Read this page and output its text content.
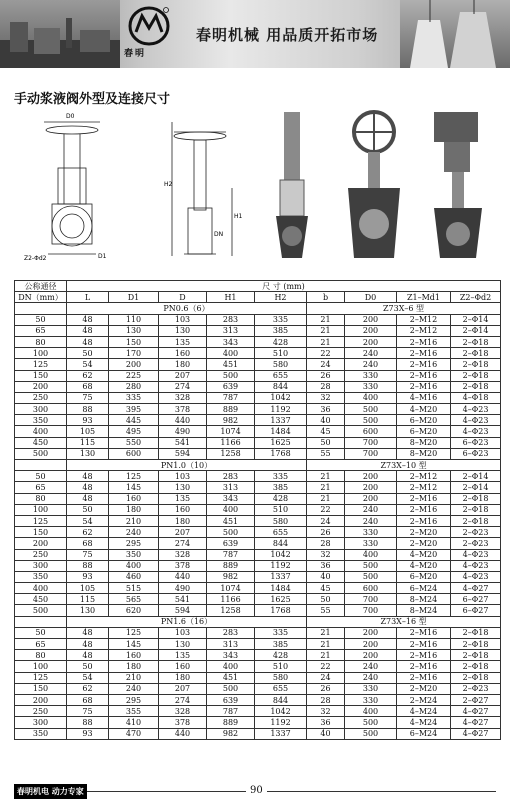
春明
春明机械 用品质开拓市场
手动浆液阀外型及连接尺寸
D0
Z2-Φd2	D1
H2
H1
DN
公称通径	尺 寸 (mm)								
DN（mm）	L	D1	D	H1	H2	b	D0	Z1–Md1	Z2–Φd2
	PN0.6（6）					Z73X–6 型			
50	48	110	103	283	335	21	200	2–M12	2–Φ14
65	48	130	130	313	385	21	200	2–M12	2–Φ14
80	48	150	135	343	428	21	200	2–M16	2–Φ18
100	50	170	160	400	510	22	240	2–M16	2–Φ18
125	54	200	180	451	580	24	240	2–M16	2–Φ18
150	62	225	207	500	655	26	330	2–M16	2–Φ18
200	68	280	274	639	844	28	330	2–M16	2–Φ18
250	75	335	328	787	1042	32	400	4–M16	4–Φ18
300	88	395	378	889	1192	36	500	4–M20	4–Φ23
350	93	445	440	982	1337	40	500	6–M20	4–Φ23
400	105	495	490	1074	1484	45	600	6–M20	4–Φ23
450	115	550	541	1166	1625	50	700	8–M20	6–Φ23
500	130	600	594	1258	1768	55	700	8–M20	6–Φ23
	PN1.0（10）					Z73X–10 型			
50	48	125	103	283	335	21	200	2–M12	2–Φ14
65	48	145	130	313	385	21	200	2–M12	2–Φ14
80	48	160	135	343	428	21	200	2–M16	2–Φ18
100	50	180	160	400	510	22	240	2–M16	2–Φ18
125	54	210	180	451	580	24	240	2–M16	2–Φ18
150	62	240	207	500	655	26	330	2–M20	2–Φ23
200	68	295	274	639	844	28	330	2–M20	2–Φ23
250	75	350	328	787	1042	32	400	4–M20	4–Φ23
300	88	400	378	889	1192	36	500	4–M20	4–Φ23
350	93	460	440	982	1337	40	500	6–M20	4–Φ23
400	105	515	490	1074	1484	45	600	6–M24	4–Φ27
450	115	565	541	1166	1625	50	700	8–M24	6–Φ27
500	130	620	594	1258	1768	55	700	8–M24	6–Φ27
	PN1.6（16）					Z73X–16 型			
50	48	125	103	283	335	21	200	2–M16	2–Φ18
65	48	145	130	313	385	21	200	2–M16	2–Φ18
80	48	160	135	343	428	21	200	2–M16	2–Φ18
100	50	180	160	400	510	22	240	2–M16	2–Φ18
125	54	210	180	451	580	24	240	2–M16	2–Φ18
150	62	240	207	500	655	26	330	2–M20	2–Φ23
200	68	295	274	639	844	28	330	2–M24	2–Φ27
250	75	355	328	787	1042	32	400	4–M24	4–Φ27
300	88	410	378	889	1192	36	500	4–M24	4–Φ27
350	93	470	440	982	1337	40	500	6–M24	4–Φ27
春明机电 动力专家	90
